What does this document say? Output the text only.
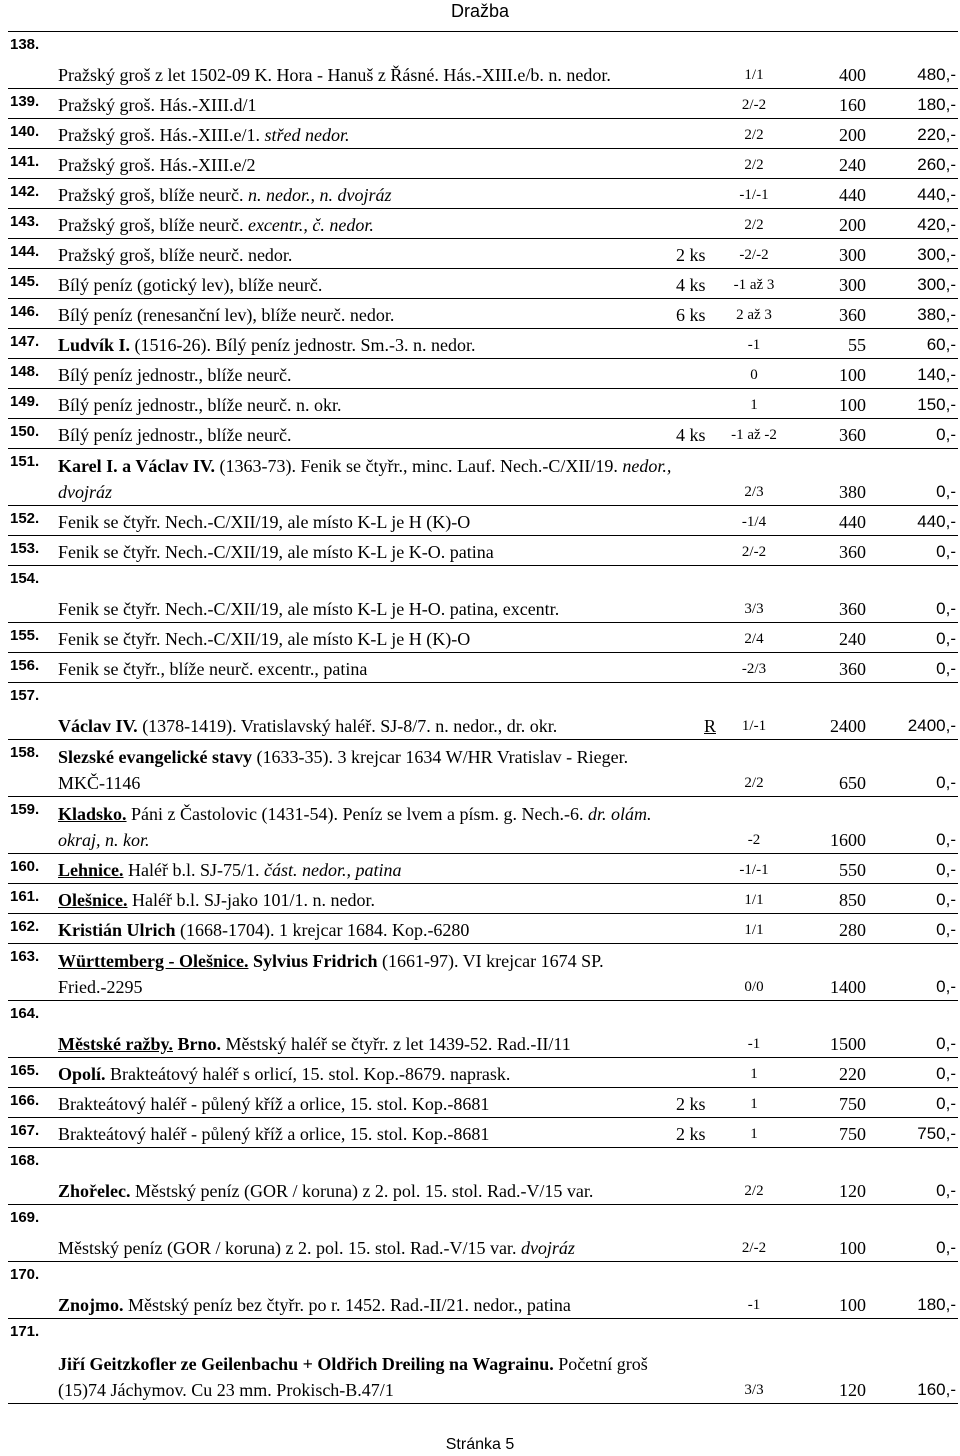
Dražba
138.	Pražský groš z let 1502-09 K. Hora - Hanuš z Řásné. Hás.-XIII.e/b. n. nedor.		1/1	400	480,-
139.	Pražský groš. Hás.-XIII.d/1		2/-2	160	180,-
140.	Pražský groš. Hás.-XIII.e/1. střed nedor.		2/2	200	220,-
141.	Pražský groš. Hás.-XIII.e/2		2/2	240	260,-
142.	Pražský groš, blíže neurč. n. nedor., n. dvojráz		-1/-1	440	440,-
143.	Pražský groš, blíže neurč. excentr., č. nedor.		2/2	200	420,-
144.	Pražský groš, blíže neurč. nedor.	2 ks	-2/-2	300	300,-
145.	Bílý peníz (gotický lev), blíže neurč.	4 ks	-1 až 3	300	300,-
146.	Bílý peníz (renesanční lev), blíže neurč. nedor.	6 ks	2 až 3	360	380,-
147.	Ludvík I. (1516-26). Bílý peníz jednostr. Sm.-3. n. nedor.		-1	55	60,-
148.	Bílý peníz jednostr., blíže neurč.		0	100	140,-
149.	Bílý peníz jednostr., blíže neurč. n. okr.		1	100	150,-
150.	Bílý peníz jednostr., blíže neurč.	4 ks	-1 až -2	360	0,-
151.	Karel I. a Václav IV. (1363-73). Fenik se čtyřr., minc. Lauf. Nech.-C/XII/19. nedor., dvojráz		2/3	380	0,-
152.	Fenik se čtyřr. Nech.-C/XII/19, ale místo K-L je H (K)-O		-1/4	440	440,-
153.	Fenik se čtyřr. Nech.-C/XII/19, ale místo K-L je K-O. patina		2/-2	360	0,-
154.	Fenik se čtyřr. Nech.-C/XII/19, ale místo K-L je H-O. patina, excentr.		3/3	360	0,-
155.	Fenik se čtyřr. Nech.-C/XII/19, ale místo K-L je H (K)-O		2/4	240	0,-
156.	Fenik se čtyřr., blíže neurč. excentr., patina		-2/3	360	0,-
157.	Václav IV. (1378-1419). Vratislavský haléř. SJ-8/7. n. nedor., dr. okr.	R	1/-1	2400	2400,-
158.	Slezské evangelické stavy (1633-35). 3 krejcar 1634 W/HR Vratislav - Rieger. MKČ-1146		2/2	650	0,-
159.	Kladsko. Páni z Častolovic (1431-54). Peníz se lvem a písm. g. Nech.-6. dr. olám. okraj, n. kor.		-2	1600	0,-
160.	Lehnice. Haléř b.l. SJ-75/1. část. nedor., patina		-1/-1	550	0,-
161.	Olešnice. Haléř b.l. SJ-jako 101/1. n. nedor.		1/1	850	0,-
162.	Kristián Ulrich (1668-1704). 1 krejcar 1684. Kop.-6280		1/1	280	0,-
163.	Württemberg - Olešnice. Sylvius Fridrich (1661-97). VI krejcar 1674 SP. Fried.-2295		0/0	1400	0,-
164.	Městské ražby. Brno. Městský haléř se čtyřr. z let 1439-52. Rad.-II/11		-1	1500	0,-
165.	Opolí. Brakteátový haléř s orlicí, 15. stol. Kop.-8679. naprask.		1	220	0,-
166.	Brakteátový haléř - půlený kříž a orlice, 15. stol. Kop.-8681	2 ks	1	750	0,-
167.	Brakteátový haléř - půlený kříž a orlice, 15. stol. Kop.-8681	2 ks	1	750	750,-
168.	Zhořelec. Městský peníz (GOR / koruna) z 2. pol. 15. stol. Rad.-V/15 var.		2/2	120	0,-
169.	Městský peníz (GOR / koruna) z 2. pol. 15. stol. Rad.-V/15 var. dvojráz		2/-2	100	0,-
170.	Znojmo. Městský peníz bez čtyřr. po r. 1452. Rad.-II/21. nedor., patina		-1	100	180,-
171.	Jiří Geitzkofler ze Geilenbachu + Oldřich Dreiling na Wagrainu. Početní groš (15)74 Jáchymov. Cu 23 mm. Prokisch-B.47/1		3/3	120	160,-
Stránka 5
